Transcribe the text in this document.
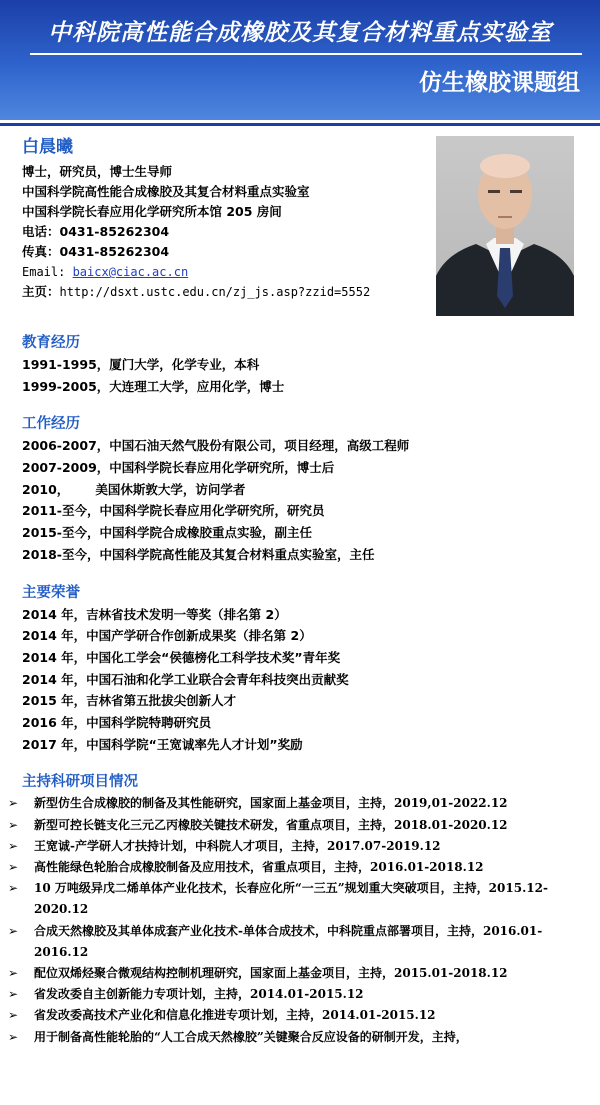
中科院高性能合成橡胶及其复合材料重点实验室
仿生橡胶课题组
白晨曦
博士，研究员，博士生导师
中国科学院高性能合成橡胶及其复合材料重点实验室
中国科学院长春应用化学研究所本馆 205 房间
电话：0431-85262304
传真：0431-85262304
Email: baicx@ciac.ac.cn
主页：http://dsxt.ustc.edu.cn/zj_js.asp?zzid=5552
教育经历
1991-1995，厦门大学，化学专业，本科
1999-2005，大连理工大学，应用化学，博士
工作经历
2006-2007，中国石油天然气股份有限公司，项目经理，高级工程师
2007-2009，中国科学院长春应用化学研究所，博士后
2010，      美国休斯敦大学，访问学者
2011-至今，中国科学院长春应用化学研究所，研究员
2015-至今，中国科学院合成橡胶重点实验，副主任
2018-至今，中国科学院高性能及其复合材料重点实验室，主任
主要荣誉
2014 年，吉林省技术发明一等奖（排名第 2）
2014 年，中国产学研合作创新成果奖（排名第 2）
2014 年，中国化工学会“侯德榜化工科学技术奖”青年奖
2014 年，中国石油和化学工业联合会青年科技突出贡献奖
2015 年，吉林省第五批拔尖创新人才
2016 年，中国科学院特聘研究员
2017 年，中国科学院“王宽诚率先人才计划”奖励
主持科研项目情况
➢ 新型仿生合成橡胶的制备及其性能研究，国家面上基金项目，主持，2019,01-2022.12
➢ 新型可控长链支化三元乙丙橡胶关键技术研发，省重点项目，主持，2018.01-2020.12
➢ 王宽诚-产学研人才扶持计划，中科院人才项目，主持，2017.07-2019.12
➢ 高性能绿色轮胎合成橡胶制备及应用技术，省重点项目，主持，2016.01-2018.12
➢ 10 万吨级异戊二烯单体产业化技术，长春应化所“一三五”规划重大突破项目，主持，2015.12-2020.12
➢ 合成天然橡胶及其单体成套产业化技术-单体合成技术，中科院重点部署项目，主持，2016.01-2016.12
➢ 配位双烯烃聚合微观结构控制机理研究，国家面上基金项目，主持，2015.01-2018.12
➢ 省发改委自主创新能力专项计划，主持，2014.01-2015.12
➢ 省发改委高技术产业化和信息化推进专项计划，主持，2014.01-2015.12
➢ 用于制备高性能轮胎的“人工合成天然橡胶”关键聚合反应设备的研制开发，主持，
